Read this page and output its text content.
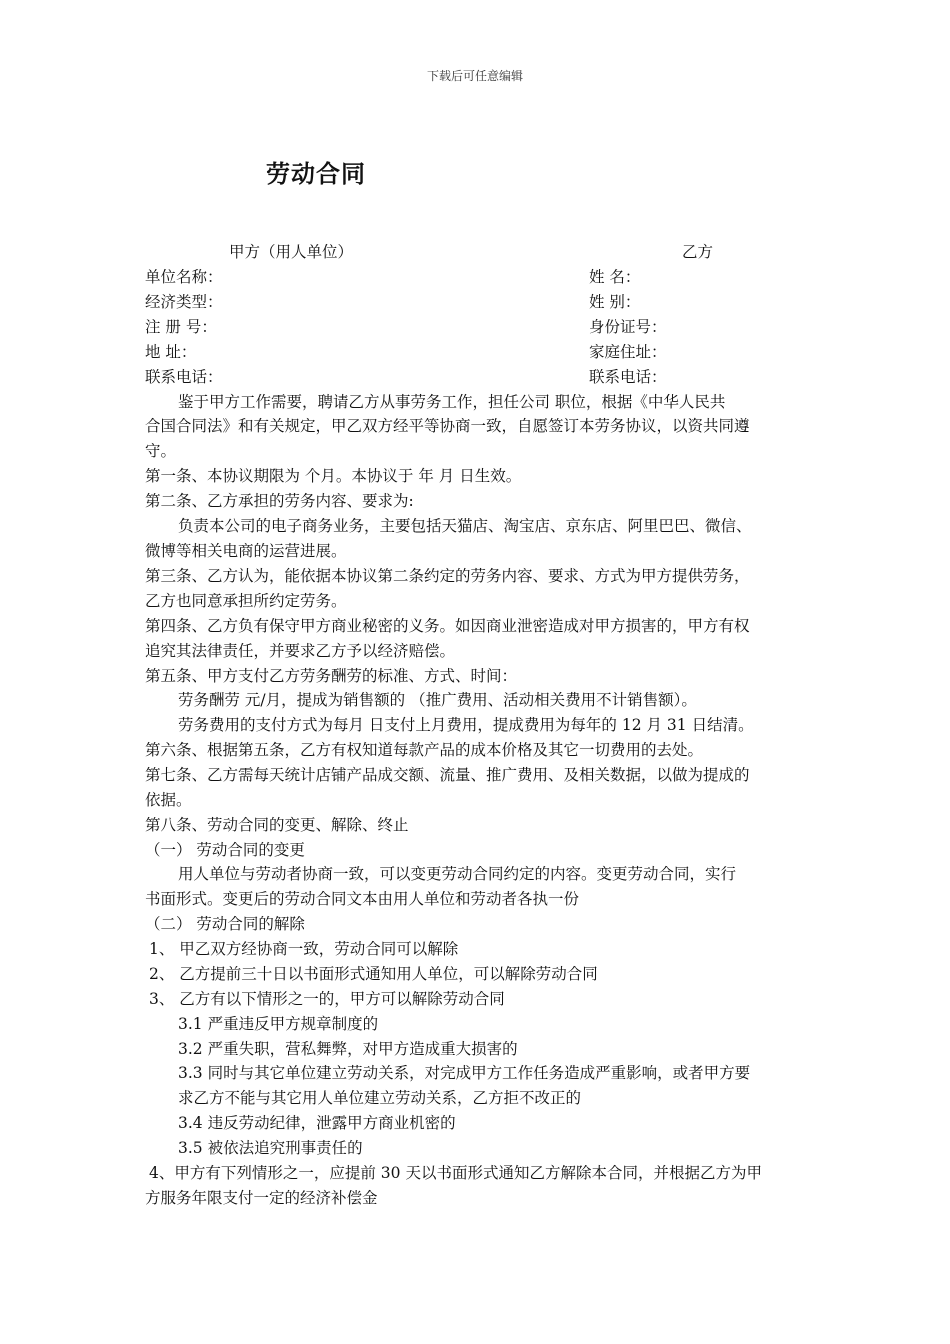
下载后可任意编辑
劳动合同
甲方（用人单位）	乙方
单位名称：
经济类型：
注 册 号：
地 址：
联系电话：
姓 名：
姓 别：
身份证号：
家庭住址：
联系电话：
鉴于甲方工作需要，聘请乙方从事劳务工作，担任公司 职位，根据《中华人民共
合国合同法》和有关规定，甲乙双方经平等协商一致，自愿签订本劳务协议，以资共同遵
守。
第一条、本协议期限为 个月。本协议于 年 月 日生效。
第二条、乙方承担的劳务内容、要求为:
负责本公司的电子商务业务，主要包括天猫店、淘宝店、京东店、阿里巴巴、微信、
微博等相关电商的运营进展。
第三条、乙方认为，能依据本协议第二条约定的劳务内容、要求、方式为甲方提供劳务，
乙方也同意承担所约定劳务。
第四条、乙方负有保守甲方商业秘密的义务。如因商业泄密造成对甲方损害的，甲方有权
追究其法律责任，并要求乙方予以经济赔偿。
第五条、甲方支付乙方劳务酬劳的标准、方式、时间：
劳务酬劳 元/月，提成为销售额的 （推广费用、活动相关费用不计销售额）。
劳务费用的支付方式为每月 日支付上月费用，提成费用为每年的 12 月 31 日结清。
第六条、根据第五条，乙方有权知道每款产品的成本价格及其它一切费用的去处。
第七条、乙方需每天统计店铺产品成交额、流量、推广费用、及相关数据，以做为提成的
依据。
第八条、劳动合同的变更、解除、终止
（一） 劳动合同的变更
用人单位与劳动者协商一致，可以变更劳动合同约定的内容。变更劳动合同，实行
书面形式。变更后的劳动合同文本由用人单位和劳动者各执一份
（二） 劳动合同的解除
1、 甲乙双方经协商一致，劳动合同可以解除
2、 乙方提前三十日以书面形式通知用人单位，可以解除劳动合同
3、 乙方有以下情形之一的，甲方可以解除劳动合同
3.1 严重违反甲方规章制度的
3.2 严重失职，营私舞弊，对甲方造成重大损害的
3.3 同时与其它单位建立劳动关系，对完成甲方工作任务造成严重影响，或者甲方要
求乙方不能与其它用人单位建立劳动关系，乙方拒不改正的
3.4 违反劳动纪律，泄露甲方商业机密的
3.5 被依法追究刑事责任的
4、甲方有下列情形之一，应提前 30 天以书面形式通知乙方解除本合同，并根据乙方为甲
方服务年限支付一定的经济补偿金
